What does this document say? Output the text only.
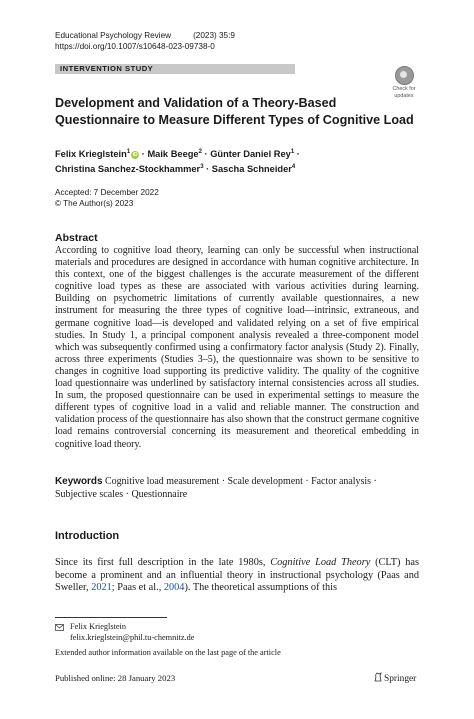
Educational Psychology Review	(2023) 35:9
https://doi.org/10.1007/s10648-023-09738-0
INTERVENTION STUDY
Check for
updates
Development and Validation of a Theory‑Based
Questionnaire to Measure Different Types of Cognitive Load
Felix Krieglstein$^1$iD · Maik Beege$^2$ · Günter Daniel Rey$^1$ ·
Christina Sanchez‑Stockhammer$^3$ · Sascha Schneider$^4$
Accepted: 7 December 2022
© The Author(s) 2023
Abstract
According to cognitive load theory, learning can only be successful when instructional materials and procedures are designed in accordance with human cognitive architecture. In this context, one of the biggest challenges is the accurate measurement of the different cognitive load types as these are associated with various activities during learning. Building on psychometric limitations of currently available questionnaires, a new instrument for measuring the three types of cognitive load—intrinsic, extraneous, and germane cognitive load—is developed and validated relying on a set of five empirical studies. In Study 1, a principal component analysis revealed a three-component model which was subsequently confirmed using a confirmatory factor analysis (Study 2). Finally, across three experiments (Studies 3–5), the questionnaire was shown to be sensitive to changes in cognitive load supporting its predictive validity. The quality of the cognitive load questionnaire was underlined by satisfactory internal consistencies across all studies. In sum, the proposed questionnaire can be used in experimental settings to measure the different types of cognitive load in a valid and reliable manner. The construction and validation process of the questionnaire has also shown that the construct germane cognitive load remains controversial concerning its measurement and theoretical embedding in cognitive load theory.
Keywords Cognitive load measurement · Scale development · Factor analysis ·
Subjective scales · Questionnaire
Introduction
Since its first full description in the late 1980s, Cognitive Load Theory (CLT) has become a prominent and an influential theory in instructional psychology (Paas and Sweller, 2021; Paas et al., 2004). The theoretical assumptions of this
Felix Krieglstein
felix.krieglstein@phil.tu-chemnitz.de
Extended author information available on the last page of the article
Published online: 28 January 2023	Springer
